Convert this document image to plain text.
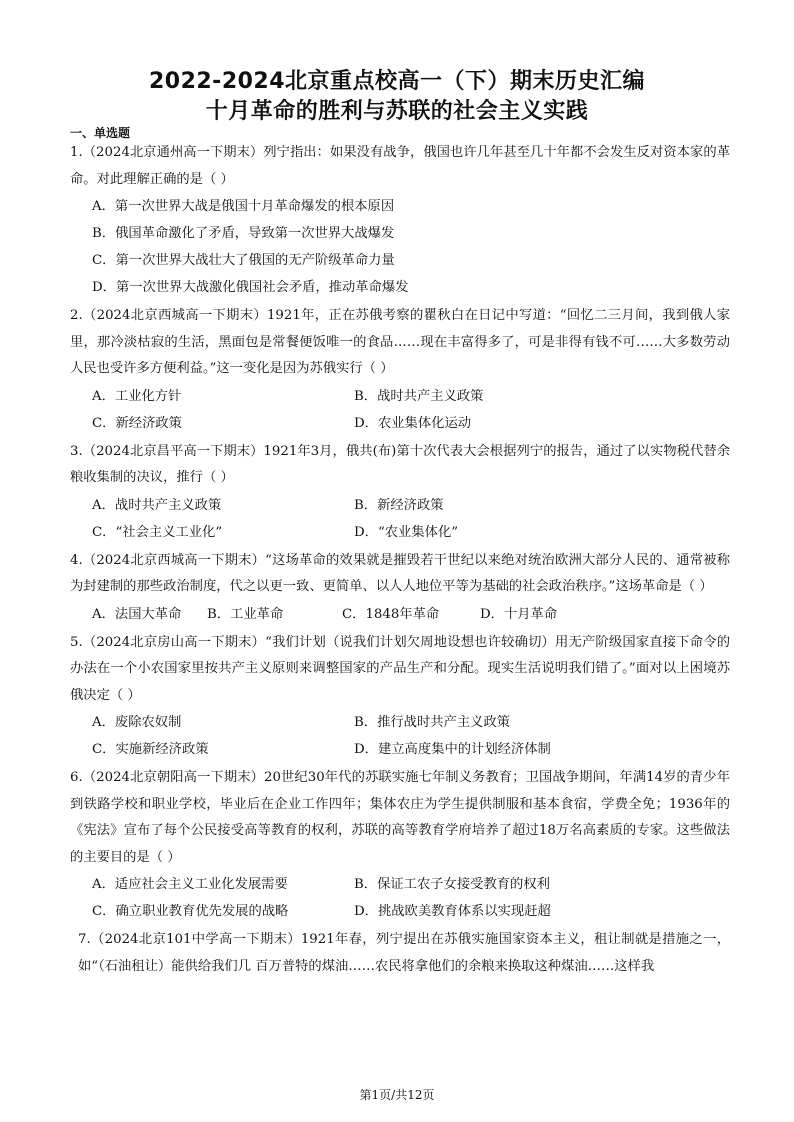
2022-2024北京重点校高一（下）期末历史汇编
十月革命的胜利与苏联的社会主义实践
一、单选题
1.（2024北京通州高一下期末）列宁指出：如果没有战争，俄国也许几年甚至几十年都不会发生反对资本家的革命。对此理解正确的是（ ）
A．第一次世界大战是俄国十月革命爆发的根本原因
B．俄国革命激化了矛盾，导致第一次世界大战爆发
C．第一次世界大战壮大了俄国的无产阶级革命力量
D．第一次世界大战激化俄国社会矛盾，推动革命爆发
2.（2024北京西城高一下期末）1921年，正在苏俄考察的瞿秋白在日记中写道：“回忆二三月间，我到俄人家里，那冷淡枯寂的生活，黑面包是常餐便饭唯一的食品……现在丰富得多了，可是非得有钱不可……大多数劳动人民也受许多方便利益。”这一变化是因为苏俄实行（ ）
A．工业化方针	B．战时共产主义政策
C．新经济政策	D．农业集体化运动
3.（2024北京昌平高一下期末）1921年3月，俄共(布)第十次代表大会根据列宁的报告，通过了以实物税代替余粮收集制的决议，推行（ ）
A．战时共产主义政策	B．新经济政策
C．“社会主义工业化”	D．“农业集体化”
4.（2024北京西城高一下期末）“这场革命的效果就是摧毁若干世纪以来绝对统治欧洲大部分人民的、通常被称为封建制的那些政治制度，代之以更一致、更简单、以人人地位平等为基础的社会政治秩序。”这场革命是（ ）
A．法国大革命	B．工业革命	C．1848年革命	D．十月革命
5.（2024北京房山高一下期末）“我们计划（说我们计划欠周地设想也许较确切）用无产阶级国家直接下命令的办法在一个小农国家里按共产主义原则来调整国家的产品生产和分配。现实生活说明我们错了。”面对以上困境苏俄决定（ ）
A．废除农奴制	B．推行战时共产主义政策
C．实施新经济政策	D．建立高度集中的计划经济体制
6.（2024北京朝阳高一下期末）20世纪30年代的苏联实施七年制义务教育；卫国战争期间，年满14岁的青少年到铁路学校和职业学校，毕业后在企业工作四年；集体农庄为学生提供制服和基本食宿，学费全免；1936年的《宪法》宣布了每个公民接受高等教育的权利，苏联的高等教育学府培养了超过18万名高素质的专家。这些做法的主要目的是（ ）
A．适应社会主义工业化发展需要	B．保证工农子女接受教育的权利
C．确立职业教育优先发展的战略	D．挑战欧美教育体系以实现赶超
7.（2024北京101中学高一下期末）1921年春，列宁提出在苏俄实施国家资本主义，租让制就是措施之一，如“（石油租让）能供给我们几 百万普特的煤油……农民将拿他们的余粮来换取这种煤油……这样我
第1页/共12页
